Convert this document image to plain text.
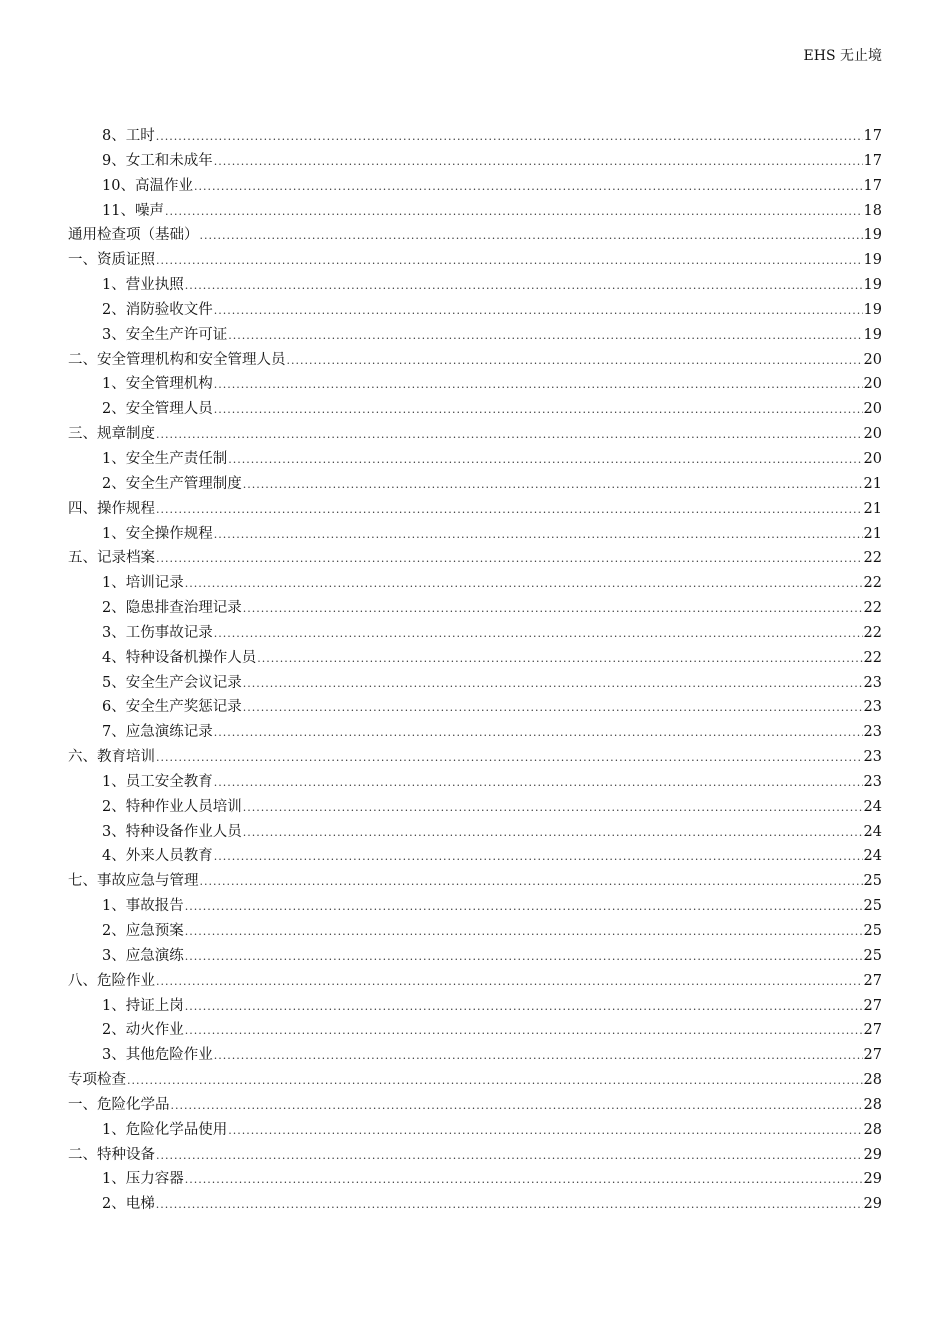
EHS 无止境
8、工时 .....	17
9、女工和未成年 .....	17
10、高温作业 .....	17
11、噪声 .....	18
通用检查项（基础） .....	19
一、资质证照 .....	19
1、营业执照 .....	19
2、消防验收文件 .....	19
3、安全生产许可证 .....	19
二、安全管理机构和安全管理人员 .....	20
1、安全管理机构 .....	20
2、安全管理人员 .....	20
三、规章制度 .....	20
1、安全生产责任制 .....	20
2、安全生产管理制度 .....	21
四、操作规程 .....	21
1、安全操作规程 .....	21
五、记录档案 .....	22
1、培训记录 .....	22
2、隐患排查治理记录 .....	22
3、工伤事故记录 .....	22
4、特种设备机操作人员 .....	22
5、安全生产会议记录 .....	23
6、安全生产奖惩记录 .....	23
7、应急演练记录 .....	23
六、教育培训 .....	23
1、员工安全教育 .....	23
2、特种作业人员培训 .....	24
3、特种设备作业人员 .....	24
4、外来人员教育 .....	24
七、事故应急与管理 .....	25
1、事故报告 .....	25
2、应急预案 .....	25
3、应急演练 .....	25
八、危险作业 .....	27
1、持证上岗 .....	27
2、动火作业 .....	27
3、其他危险作业 .....	27
专项检查 .....	28
一、危险化学品 .....	28
1、危险化学品使用 .....	28
二、特种设备 .....	29
1、压力容器 .....	29
2、电梯 .....	29
